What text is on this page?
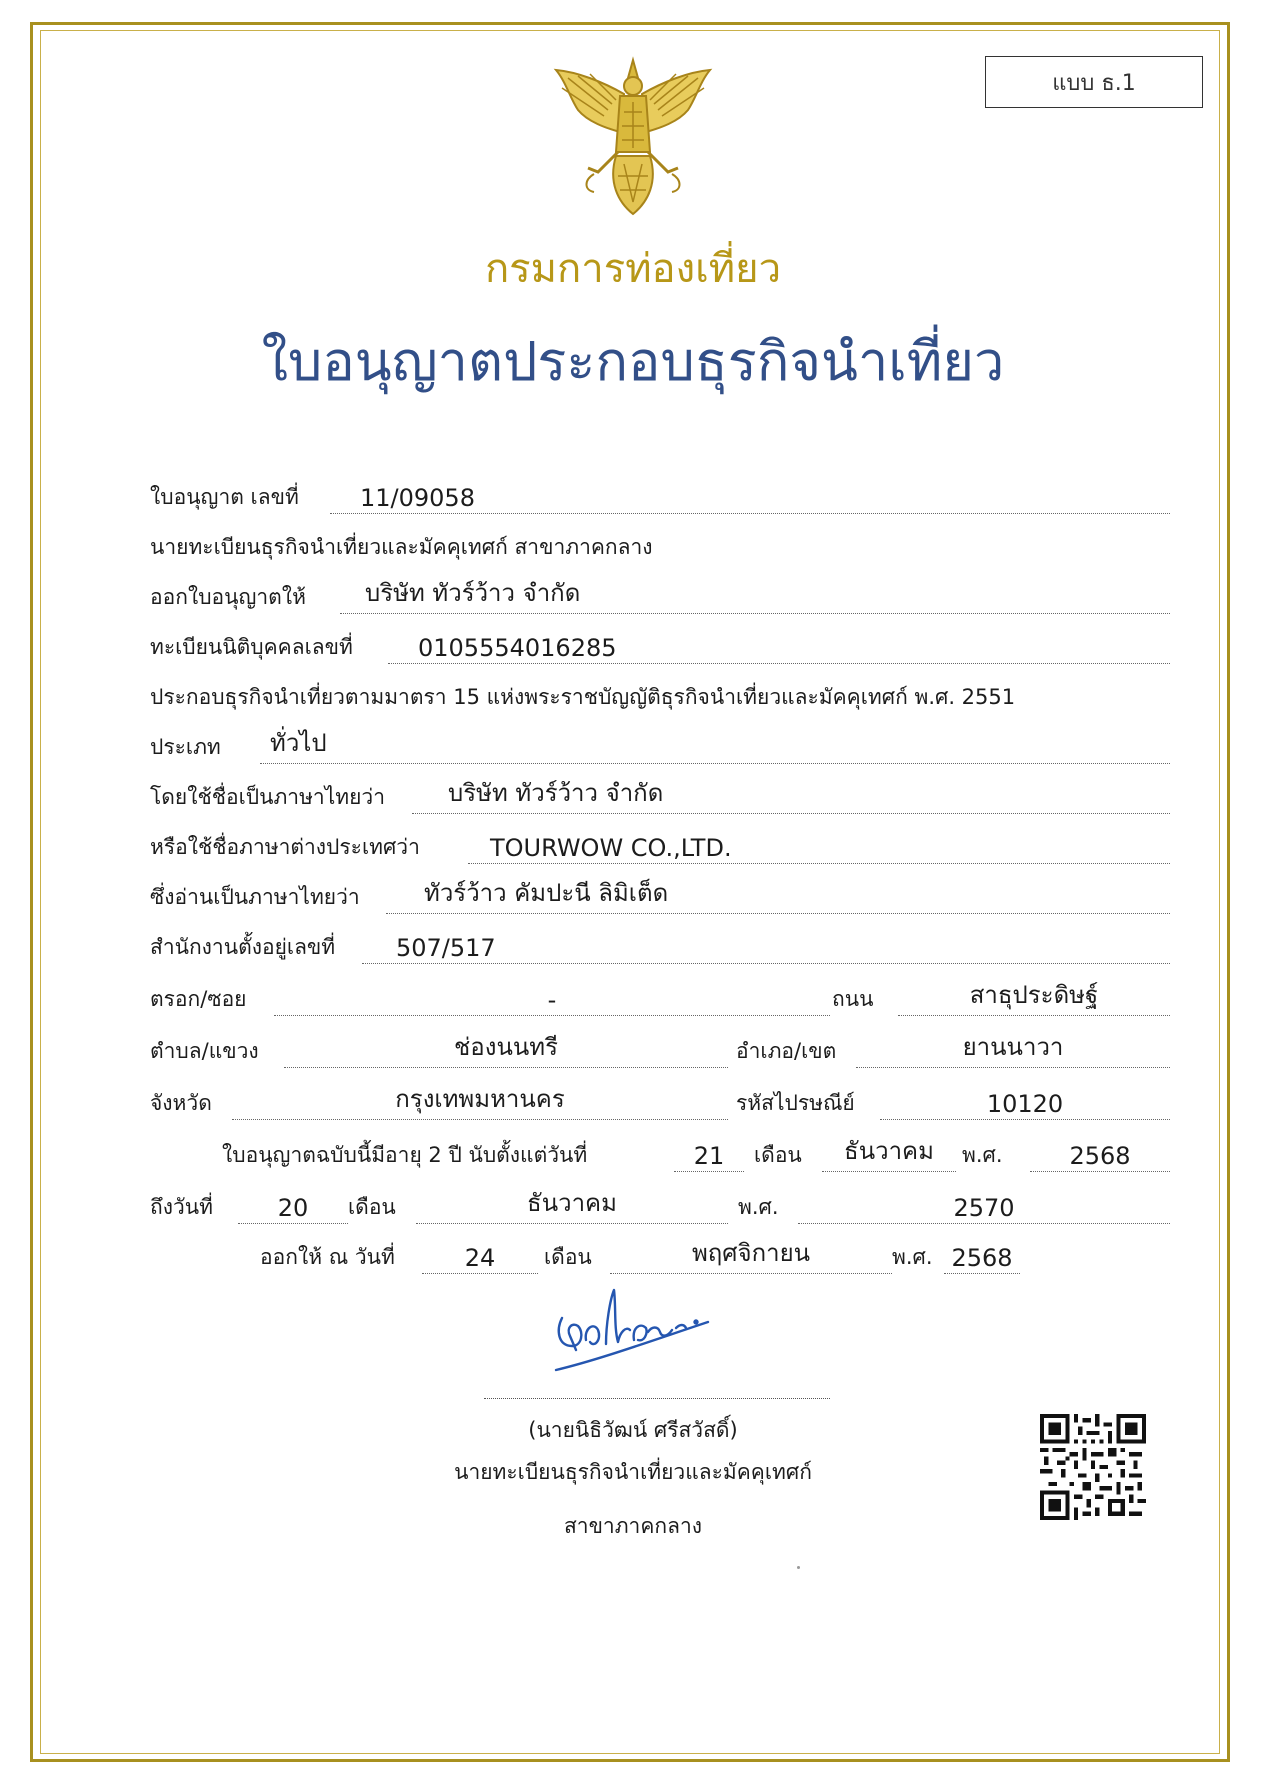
แบบ ธ.1
กรมการท่องเที่ยว
ใบอนุญาตประกอบธุรกิจนำเที่ยว
ใบอนุญาต เลขที่	11/09058
นายทะเบียนธุรกิจนำเที่ยวและมัคคุเทศก์ สาขาภาคกลาง
ออกใบอนุญาตให้ บริษัท ทัวร์ว้าว จำกัด
ทะเบียนนิติบุคคลเลขที่	0105554016285
ประกอบธุรกิจนำเที่ยวตามมาตรา 15 แห่งพระราชบัญญัติธุรกิจนำเที่ยวและมัคคุเทศก์ พ.ศ. 2551
ประเภท ทั่วไป
โดยใช้ชื่อเป็นภาษาไทยว่า	บริษัท ทัวร์ว้าว จำกัด
หรือใช้ชื่อภาษาต่างประเทศว่า	TOURWOW CO.,LTD.
ซึ่งอ่านเป็นภาษาไทยว่า	ทัวร์ว้าว คัมปะนี ลิมิเต็ด
สำนักงานตั้งอยู่เลขที่	507/517
ตรอก/ซอย	-	ถนน	สาธุประดิษฐ์
ตำบล/แขวง	ช่องนนทรี	อำเภอ/เขต	ยานนาวา
จังหวัด	กรุงเทพมหานคร	รหัสไปรษณีย์	10120
ใบอนุญาตฉบับนี้มีอายุ 2 ปี นับตั้งแต่วันที่	21	เดือน	ธันวาคม	พ.ศ.	2568
ถึงวันที่	20	เดือน	ธันวาคม	พ.ศ.	2570
ออกให้ ณ วันที่	24	เดือน	พฤศจิกายน	พ.ศ. 2568
(นายนิธิวัฒน์ ศรีสวัสดิ์)
นายทะเบียนธุรกิจนำเที่ยวและมัคคุเทศก์
สาขาภาคกลาง
